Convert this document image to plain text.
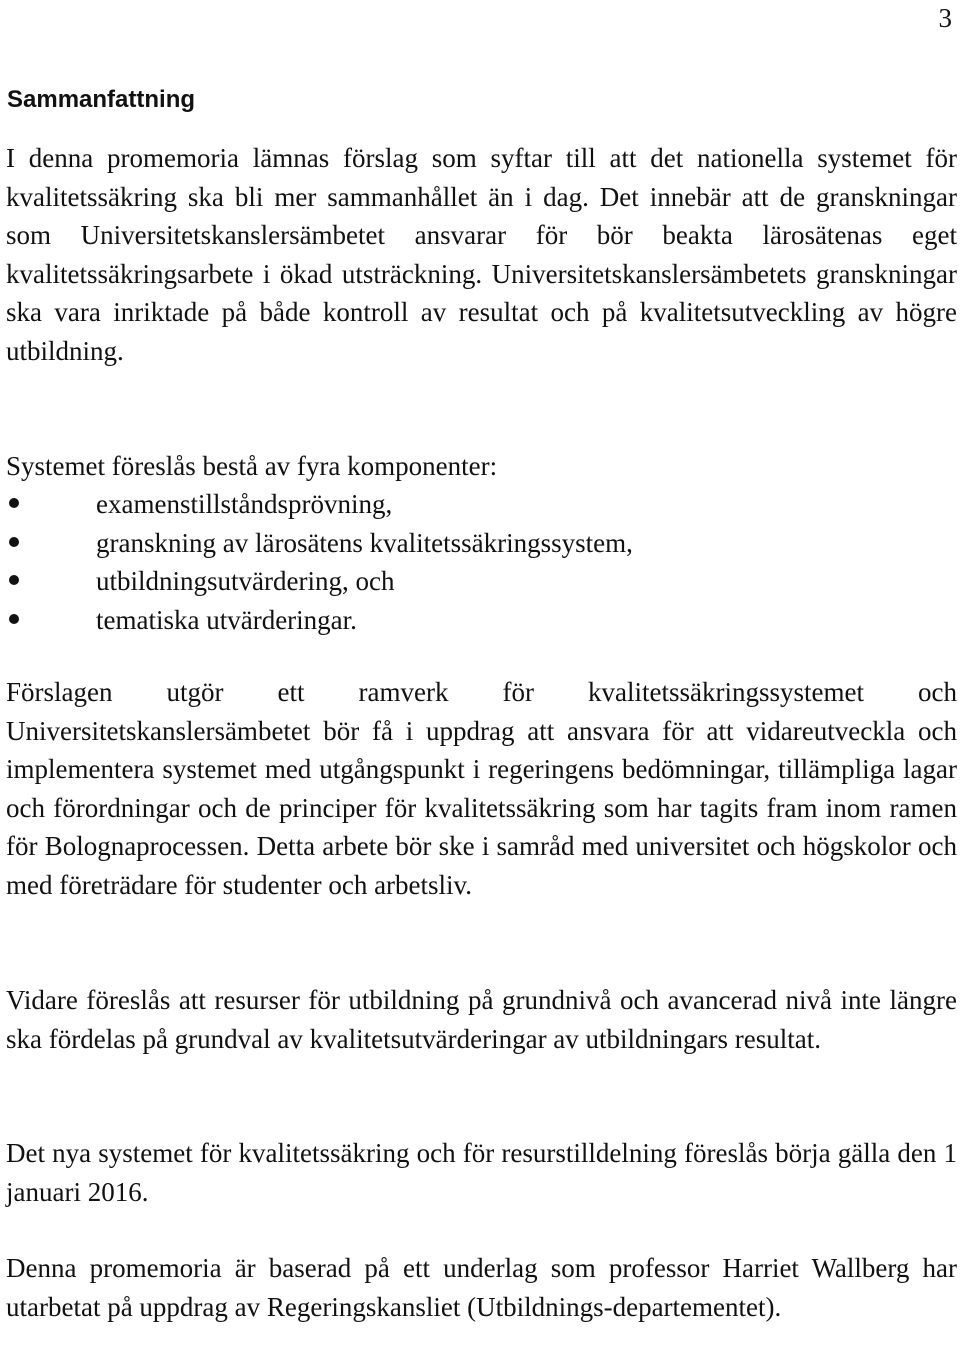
3
Sammanfattning

I denna promemoria lämnas förslag som syftar till att det nationella systemet för kvalitetssäkring ska bli mer sammanhållet än i dag. Det innebär att de granskningar som Universitetskanslersämbetet ansvarar för bör beakta lärosätenas eget kvalitetssäkringsarbete i ökad utsträckning. Universitetskanslersämbetets granskningar ska vara inriktade på både kontroll av resultat och på kvalitetsutveckling av högre utbildning.

Systemet föreslås bestå av fyra komponenter:

examenstillståndsprövning,
granskning av lärosätens kvalitetssäkringssystem,
utbildningsutvärdering, och
tematiska utvärderingar.

Förslagen utgör ett ramverk för kvalitetssäkringssystemet och Universitetskanslersämbetet bör få i uppdrag att ansvara för att vidareutveckla och implementera systemet med utgångspunkt i regeringens bedömningar, tillämpliga lagar och förordningar och de principer för kvalitetssäkring som har tagits fram inom ramen för Bolognaprocessen. Detta arbete bör ske i samråd med universitet och högskolor och med företrädare för studenter och arbetsliv.

Vidare föreslås att resurser för utbildning på grundnivå och avancerad nivå inte längre ska fördelas på grundval av kvalitetsutvärderingar av utbildningars resultat.

Det nya systemet för kvalitetssäkring och för resurstilldelning föreslås börja gälla den 1 januari 2016.

Denna promemoria är baserad på ett underlag som professor Harriet Wallberg har utarbetat på uppdrag av Regeringskansliet (Utbildnings-departementet).
